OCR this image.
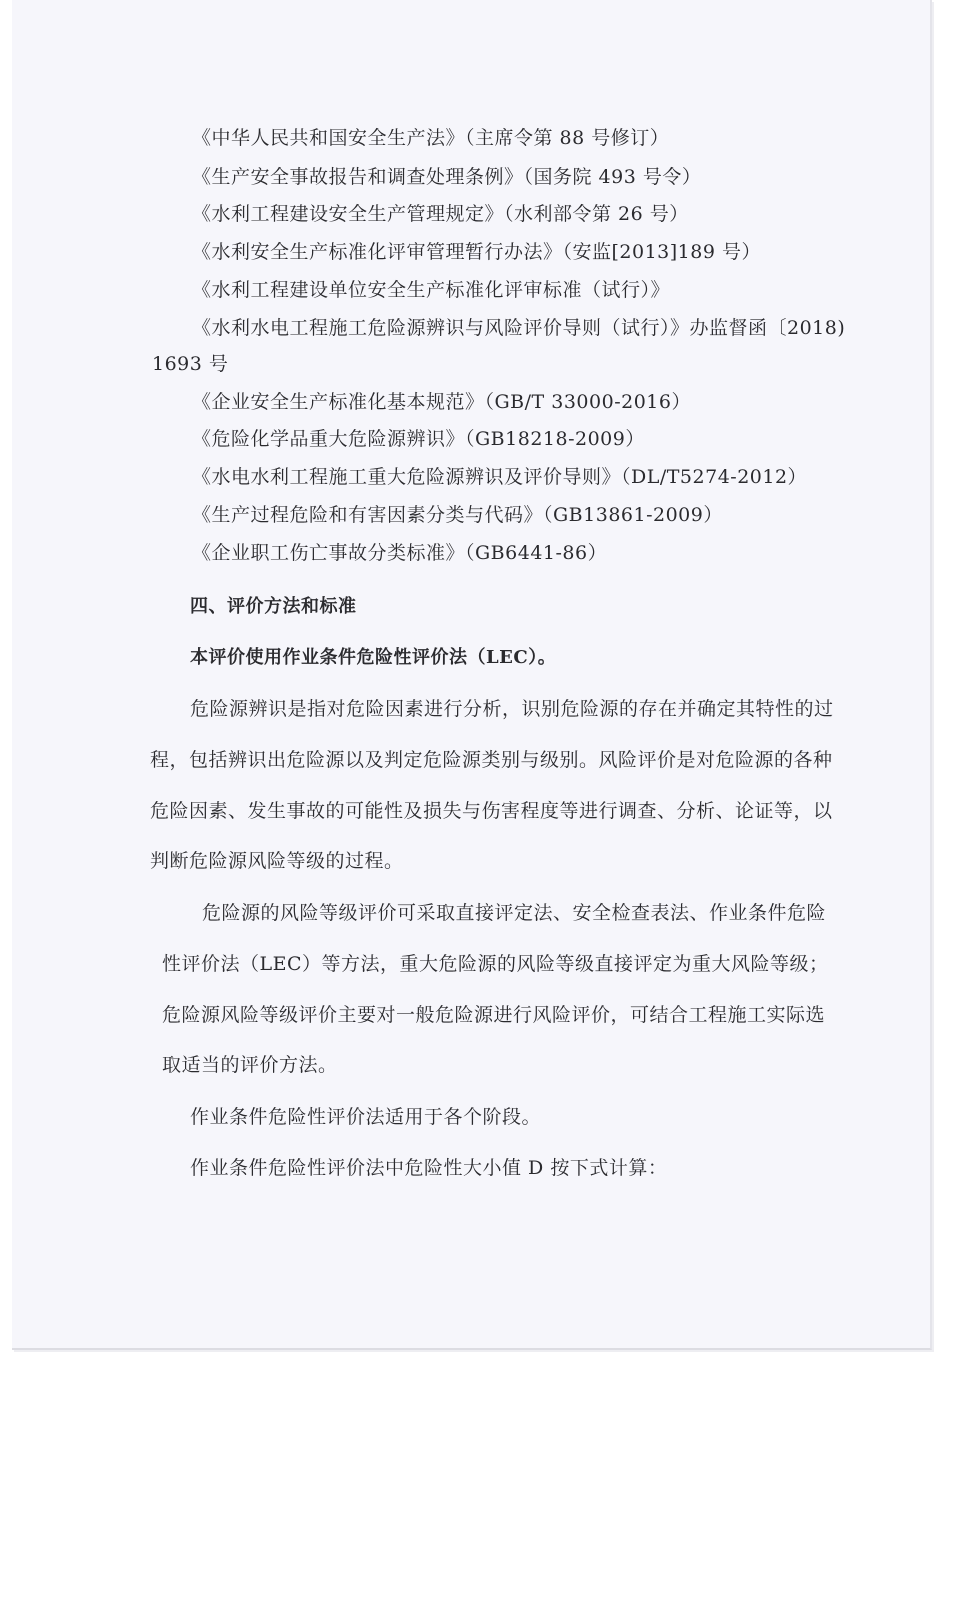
《中华人民共和国安全生产法》（主席令第 88 号修订）
《生产安全事故报告和调查处理条例》（国务院 493 号令）
《水利工程建设安全生产管理规定》（水利部令第 26 号）
《水利安全生产标准化评审管理暂行办法》（安监[2013]189 号）
《水利工程建设单位安全生产标准化评审标准（试行）》
《水利水电工程施工危险源辨识与风险评价导则（试行）》办监督函〔2018)
1693 号
《企业安全生产标准化基本规范》（GB/T 33000-2016）
《危险化学品重大危险源辨识》（GB18218-2009）
《水电水利工程施工重大危险源辨识及评价导则》（DL/T5274-2012）
《生产过程危险和有害因素分类与代码》（GB13861-2009）
《企业职工伤亡事故分类标准》（GB6441-86）
四、评价方法和标准
本评价使用作业条件危险性评价法（LEC）。
危险源辨识是指对危险因素进行分析，识别危险源的存在并确定其特性的过
程，包括辨识出危险源以及判定危险源类别与级别。风险评价是对危险源的各种
危险因素、发生事故的可能性及损失与伤害程度等进行调查、分析、论证等，以
判断危险源风险等级的过程。
危险源的风险等级评价可采取直接评定法、安全检查表法、作业条件危险
性评价法（LEC）等方法，重大危险源的风险等级直接评定为重大风险等级；
危险源风险等级评价主要对一般危险源进行风险评价，可结合工程施工实际选
取适当的评价方法。
作业条件危险性评价法适用于各个阶段。
作业条件危险性评价法中危险性大小值 D 按下式计算：
